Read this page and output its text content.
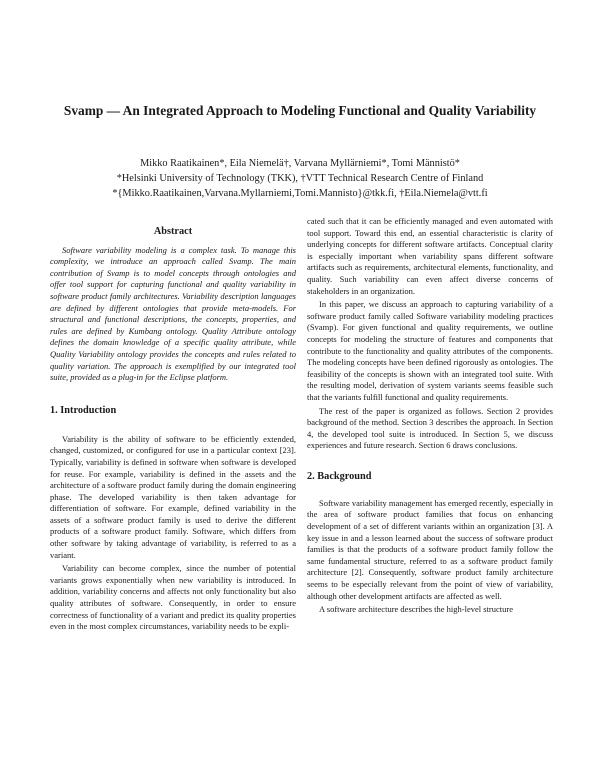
Svamp — An Integrated Approach to Modeling Functional and Quality Variability
Mikko Raatikainen*, Eila Niemelä†, Varvana Myllärniemi*, Tomi Männistö*
*Helsinki University of Technology (TKK), †VTT Technical Research Centre of Finland
*{Mikko.Raatikainen,Varvana.Myllarniemi,Tomi.Mannisto}@tkk.fi, †Eila.Niemela@vtt.fi

Abstract

Software variability modeling is a complex task. To manage this complexity, we introduce an approach called Svamp. The main contribution of Svamp is to model concepts through ontologies and offer tool support for capturing functional and quality variability in software product family architectures. Variability description languages are defined by different ontologies that provide meta-models. For structural and functional descriptions, the concepts, properties, and rules are defined by Kumbang ontology. Quality Attribute ontology defines the domain knowledge of a specific quality attribute, while Quality Variability ontology provides the concepts and rules related to quality variation. The approach is exemplified by our integrated tool suite, provided as a plug-in for the Eclipse platform.

1. Introduction

Variability is the ability of software to be efficiently extended, changed, customized, or configured for use in a particular context [23]. Typically, variability is defined in software when software is developed for reuse. For example, variability is defined in the assets and the architecture of a software product family during the domain engineering phase. The developed variability is then taken advantage for differentiation of software. For example, defined variability in the assets of a software product family is used to derive the different products of a software product family. Software, which differs from other software by taking advantage of variability, is referred to as a variant.

Variability can become complex, since the number of potential variants grows exponentially when new variability is introduced. In addition, variability concerns and affects not only functionality but also quality attributes of software. Consequently, in order to ensure correctness of functionality of a variant and predict its quality properties even in the most complex circumstances, variability needs to be expli-

cated such that it can be efficiently managed and even automated with tool support. Toward this end, an essential characteristic is clarity of underlying concepts for different software artifacts. Conceptual clarity is especially important when variability spans different software artifacts such as requirements, architectural elements, functionality, and quality. Such variability can even affect diverse concerns of stakeholders in an organization.

In this paper, we discuss an approach to capturing variability of a software product family called Software variability modeling practices (Svamp). For given functional and quality requirements, we outline concepts for modeling the structure of features and components that contribute to the functionality and quality attributes of the components. The modeling concepts have been defined rigorously as ontologies. The feasibility of the concepts is shown with an integrated tool suite. With the resulting model, derivation of system variants seems feasible such that the variants fulfill functional and quality requirements.

The rest of the paper is organized as follows. Section 2 provides background of the method. Section 3 describes the approach. In Section 4, the developed tool suite is introduced. In Section 5, we discuss experiences and future research. Section 6 draws conclusions.

2. Background

Software variability management has emerged recently, especially in the area of software product families that focus on enhancing development of a set of different variants within an organization [3]. A key issue in and a lesson learned about the success of software product families is that the products of a software product family follow the same fundamental structure, referred to as a software product family architecture [2]. Consequently, software product family architecture seems to be especially relevant from the point of view of variability, although other development artifacts are affected as well.

A software architecture describes the high-level structure
